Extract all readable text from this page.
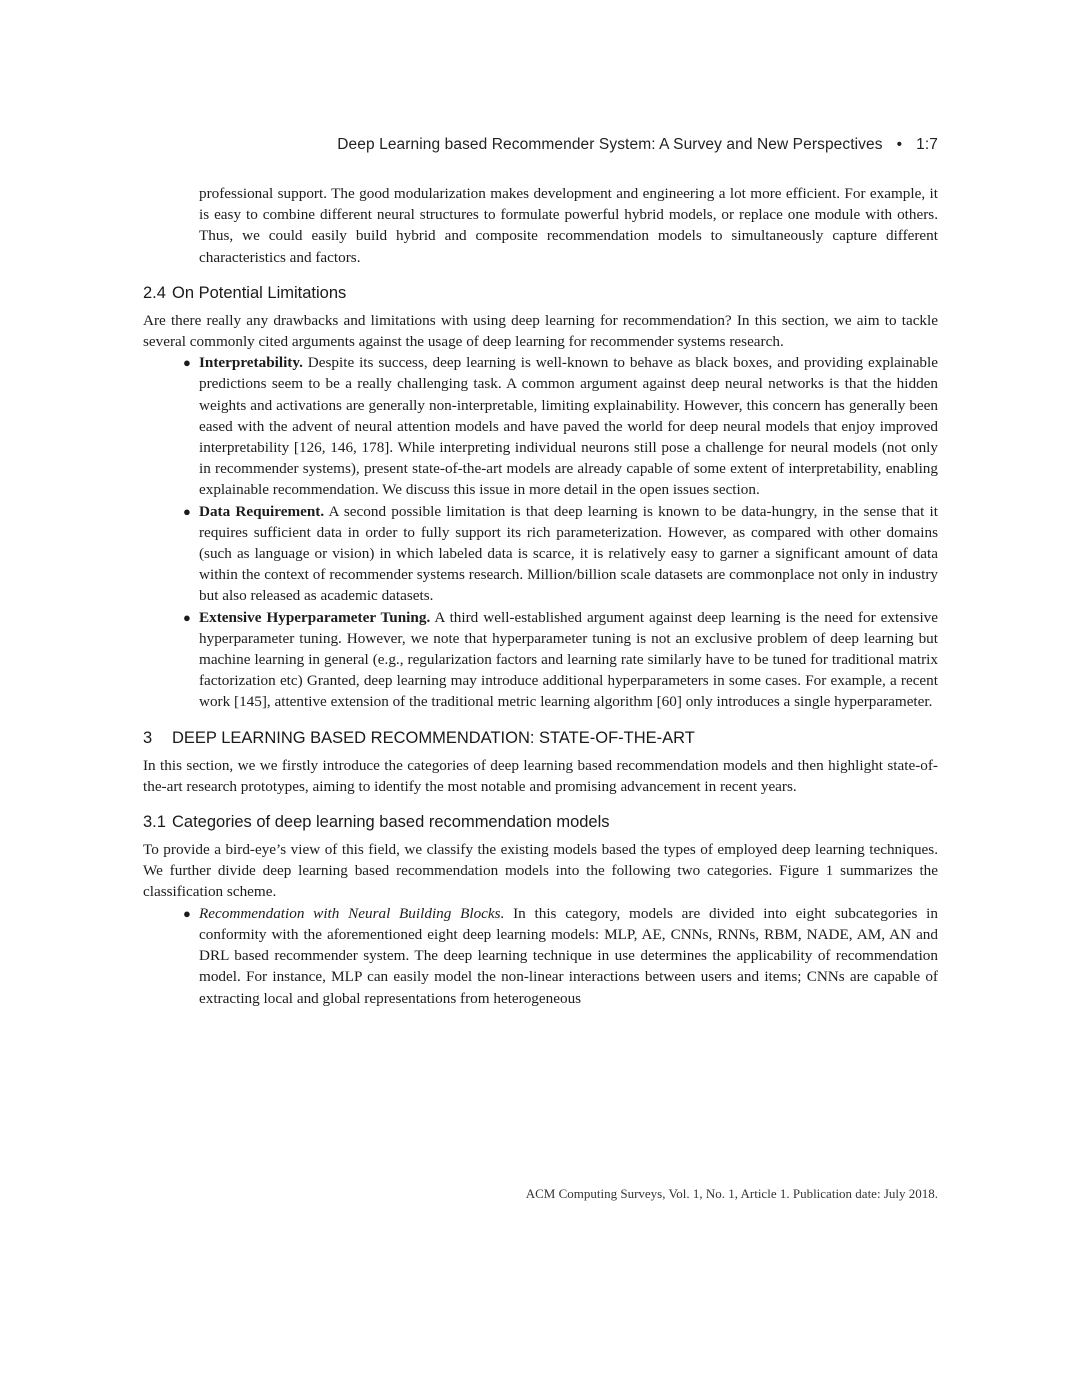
Deep Learning based Recommender System: A Survey and New Perspectives • 1:7

professional support. The good modularization makes development and engineering a lot more efficient. For example, it is easy to combine different neural structures to formulate powerful hybrid models, or replace one module with others. Thus, we could easily build hybrid and composite recommendation models to simultaneously capture different characteristics and factors.

2.4 On Potential Limitations

Are there really any drawbacks and limitations with using deep learning for recommendation? In this section, we aim to tackle several commonly cited arguments against the usage of deep learning for recommender systems research.

● Interpretability. Despite its success, deep learning is well-known to behave as black boxes, and providing explainable predictions seem to be a really challenging task. A common argument against deep neural networks is that the hidden weights and activations are generally non-interpretable, limiting explainability. However, this concern has generally been eased with the advent of neural attention models and have paved the world for deep neural models that enjoy improved interpretability [126, 146, 178]. While interpreting individual neurons still pose a challenge for neural models (not only in recommender systems), present state-of-the-art models are already capable of some extent of interpretability, enabling explainable recommendation. We discuss this issue in more detail in the open issues section.
● Data Requirement. A second possible limitation is that deep learning is known to be data-hungry, in the sense that it requires sufficient data in order to fully support its rich parameterization. However, as compared with other domains (such as language or vision) in which labeled data is scarce, it is relatively easy to garner a significant amount of data within the context of recommender systems research. Million/billion scale datasets are commonplace not only in industry but also released as academic datasets.
● Extensive Hyperparameter Tuning. A third well-established argument against deep learning is the need for extensive hyperparameter tuning. However, we note that hyperparameter tuning is not an exclusive problem of deep learning but machine learning in general (e.g., regularization factors and learning rate similarly have to be tuned for traditional matrix factorization etc) Granted, deep learning may introduce additional hyperparameters in some cases. For example, a recent work [145], attentive extension of the traditional metric learning algorithm [60] only introduces a single hyperparameter.
3 DEEP LEARNING BASED RECOMMENDATION: STATE-OF-THE-ART

In this section, we we firstly introduce the categories of deep learning based recommendation models and then highlight state-of-the-art research prototypes, aiming to identify the most notable and promising advancement in recent years.

3.1 Categories of deep learning based recommendation models

To provide a bird-eye’s view of this field, we classify the existing models based the types of employed deep learning techniques. We further divide deep learning based recommendation models into the following two categories. Figure 1 summarizes the classification scheme.

● Recommendation with Neural Building Blocks. In this category, models are divided into eight subcategories in conformity with the aforementioned eight deep learning models: MLP, AE, CNNs, RNNs, RBM, NADE, AM, AN and DRL based recommender system. The deep learning technique in use determines the applicability of recommendation model. For instance, MLP can easily model the non-linear interactions between users and items; CNNs are capable of extracting local and global representations from heterogeneous
ACM Computing Surveys, Vol. 1, No. 1, Article 1. Publication date: July 2018.
